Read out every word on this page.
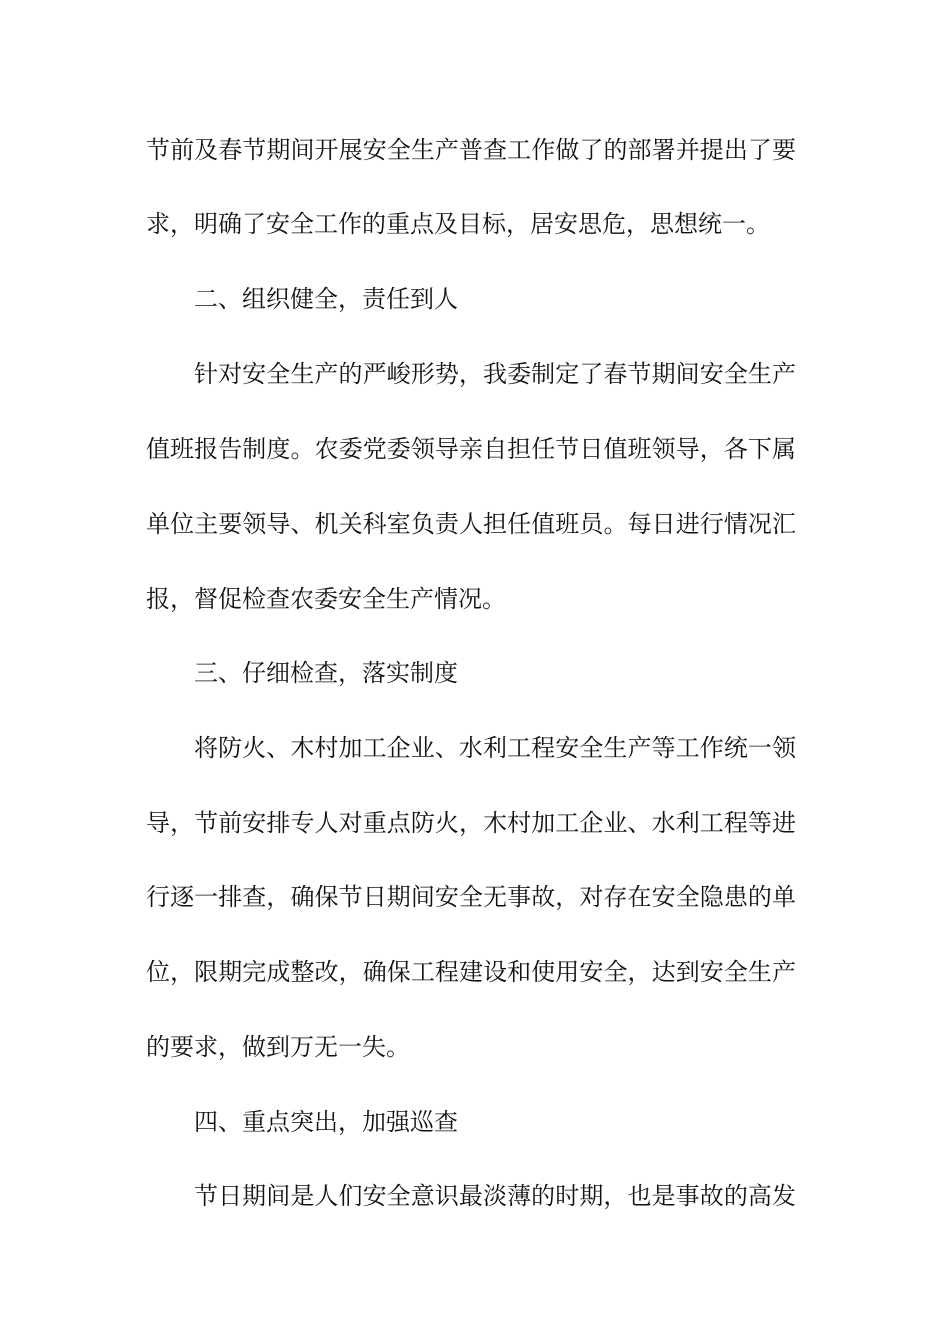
节前及春节期间开展安全生产普查工作做了的部署并提出了要
求，明确了安全工作的重点及目标，居安思危，思想统一。
二、组织健全，责任到人
针对安全生产的严峻形势，我委制定了春节期间安全生产
值班报告制度。农委党委领导亲自担任节日值班领导，各下属
单位主要领导、机关科室负责人担任值班员。每日进行情况汇
报，督促检查农委安全生产情况。
三、仔细检查，落实制度
将防火、木村加工企业、水利工程安全生产等工作统一领
导，节前安排专人对重点防火，木村加工企业、水利工程等进
行逐一排查，确保节日期间安全无事故，对存在安全隐患的单
位，限期完成整改，确保工程建设和使用安全，达到安全生产
的要求，做到万无一失。
四、重点突出，加强巡查
节日期间是人们安全意识最淡薄的时期，也是事故的高发
